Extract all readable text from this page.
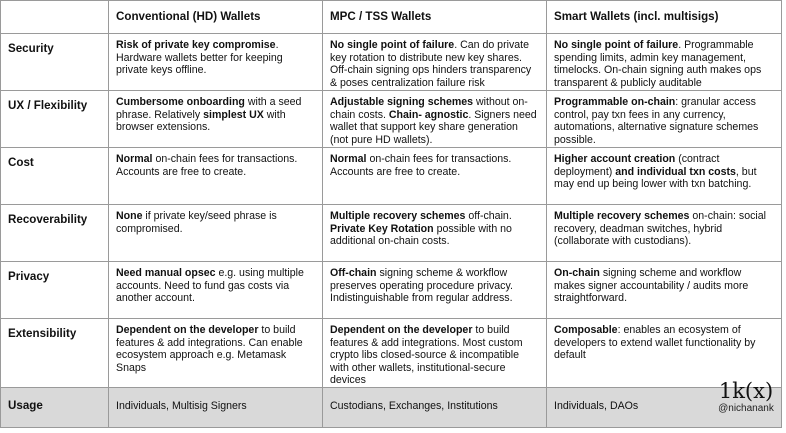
	Conventional (HD) Wallets	MPC / TSS Wallets	Smart Wallets (incl. multisigs)
Security	Risk of private key compromise. Hardware wallets better for keeping private keys offline.	No single point of failure. Can do private key rotation to distribute new key shares. Off-chain signing ops hinders transparency & poses centralization failure risk	No single point of failure. Programmable spending limits, admin key management, timelocks. On-chain signing auth makes ops transparent & publicly auditable
UX / Flexibility	Cumbersome onboarding with a seed phrase. Relatively simplest UX with browser extensions.	Adjustable signing schemes without on-chain costs. Chain- agnostic. Signers need wallet that support key share generation (not pure HD wallets).	Programmable on-chain: granular access control, pay txn fees in any currency, automations, alternative signature schemes possible.
Cost	Normal on-chain fees for transactions. Accounts are free to create.	Normal on-chain fees for transactions. Accounts are free to create.	Higher account creation (contract deployment) and individual txn costs, but may end up being lower with txn batching.
Recoverability	None if private key/seed phrase is compromised.	Multiple recovery schemes off-chain. Private Key Rotation possible with no additional on-chain costs.	Multiple recovery schemes on-chain: social recovery, deadman switches, hybrid (collaborate with custodians).
Privacy	Need manual opsec e.g. using multiple accounts. Need to fund gas costs via another account.	Off-chain signing scheme & workflow preserves operating procedure privacy. Indistinguishable from regular address.	On-chain signing scheme and workflow makes signer accountability / audits more straightforward.
Extensibility	Dependent on the developer to build features & add integrations. Can enable ecosystem approach e.g. Metamask Snaps	Dependent on the developer to build features & add integrations. Most custom crypto libs closed-source & incompatible with other wallets, institutional-secure devices	Composable: enables an ecosystem of developers to extend wallet functionality by default
Usage	Individuals, Multisig Signers	Custodians, Exchanges, Institutions	Individuals, DAOs
1k(x)
@nichanank
